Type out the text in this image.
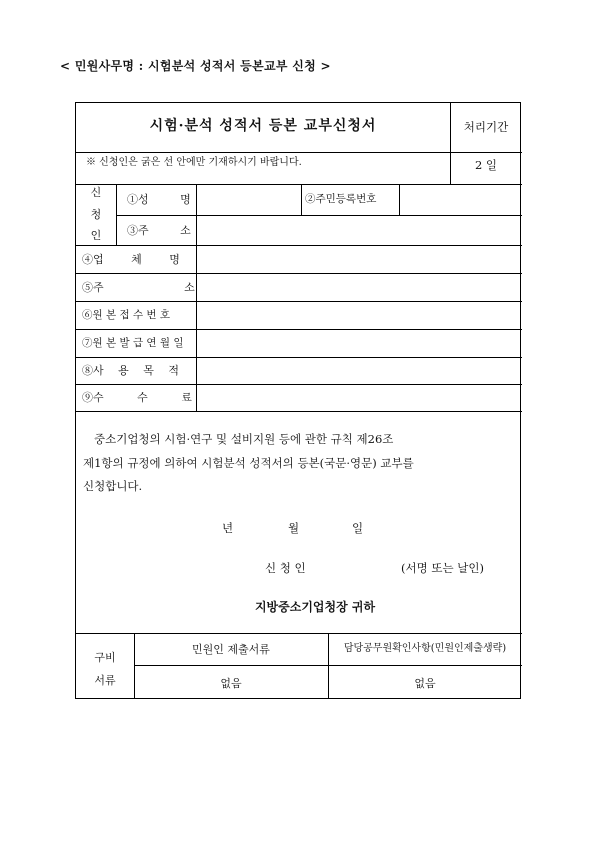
< 민원사무명 : 시험분석 성적서 등본교부 신청 >
시험·분석 성적서 등본 교부신청서	처리기간
※ 신청인은 굵은 선 안에만 기재하시기 바랍니다.	2 일
신
청
인
①성 명	②주민등록번호
③주 소
④업 체 명
⑤주 소
⑥원 본 접 수 번 호
⑦원 본 발 급 연 월 일
⑧사 용 목 적
⑨수 수 료
중소기업청의 시험·연구 및 설비지원 등에 관한 규칙 제26조
제1항의 규정에 의하여 시험분석 성적서의 등본(국문·영문) 교부를
신청합니다.
년	월	일
신 청 인	(서명 또는 날인)
지방중소기업청장 귀하
구비
서류
민원인 제출서류	담당공무원확인사항(민원인제출생략)
없음	없음
